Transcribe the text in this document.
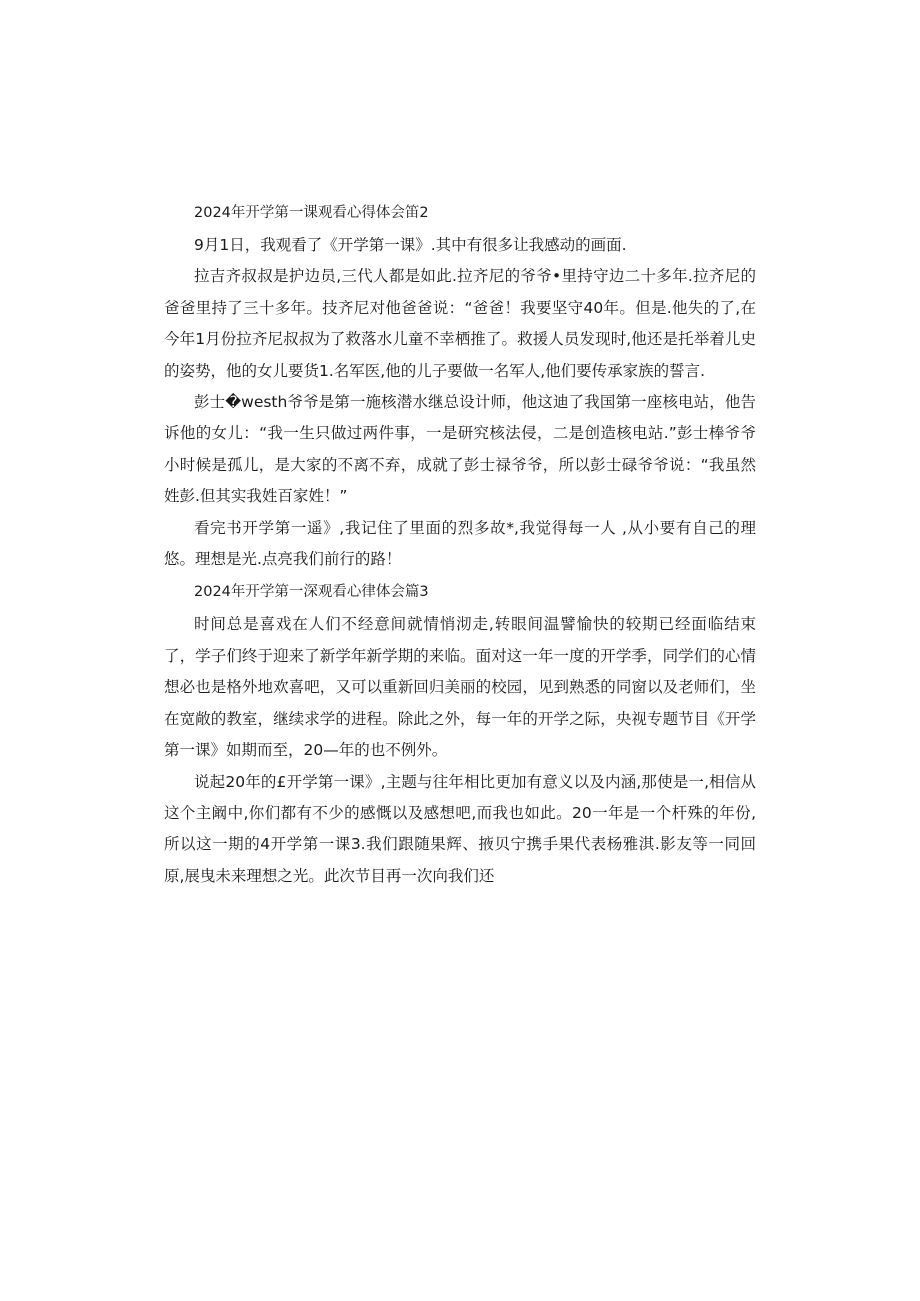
2024年开学第一课观看心得体会笛2

9月1日，我观看了《开学第一课》.其中有很多让我感动的画面.

拉吉齐叔叔是护边员,三代人都是如此.拉齐尼的爷爷•里持守边二十多年.拉齐尼的爸爸里持了三十多年。技齐尼对他爸爸说：“爸爸！我要坚守40年。但是.他失的了,在今年1月份拉齐尼叔叔为了救落水儿童不幸栖推了。救援人员发现时,他还是托举着儿史的姿势，他的女儿要货1.名军医,他的儿子要做一名军人,他们要传承家族的誓言.

彭士�westh爷爷是第一施核潜水继总设计师，他这迪了我国第一座核电站，他告诉他的女儿：“我一生只做过两件事，一是研究核法侵，二是创造核电站.”彭士棒爷爷小时候是孤儿，是大家的不离不弃，成就了彭士禄爷爷，所以彭士碌爷爷说：“我虽然姓彭.但其实我姓百家姓！”

看完书开学第一遥》,我记住了里面的烈多故*,我觉得每一人 ,从小要有自己的理悠。理想是光.点亮我们前行的路！

2024年开学第一深观看心律体会篇3

时间总是喜戏在人们不经意间就情悄沏走,转眼间温譬愉快的较期已经面临结束了，学子们终于迎来了新学年新学期的来临。面对这一年一度的开学季，同学们的心情想必也是格外地欢喜吧，又可以重新回归美丽的校园，见到熟悉的同窗以及老师们，坐在宽敞的教室，继续求学的进程。除此之外，每一年的开学之际，央视专题节目《开学第一课》如期而至，20—年的也不例外。

说起20年的£开学第一课》,主题与往年相比更加有意义以及内涵,那使是一,相信从这个主阚中,你们都有不少的感慨以及感想吧,而我也如此。20一年是一个杆殊的年份,所以这一期的4开学第一课3.我们跟随果辉、掖贝宁携手果代表杨雅淇.影友等一同回原,展曳未来理想之光。此次节目再一次向我们还
